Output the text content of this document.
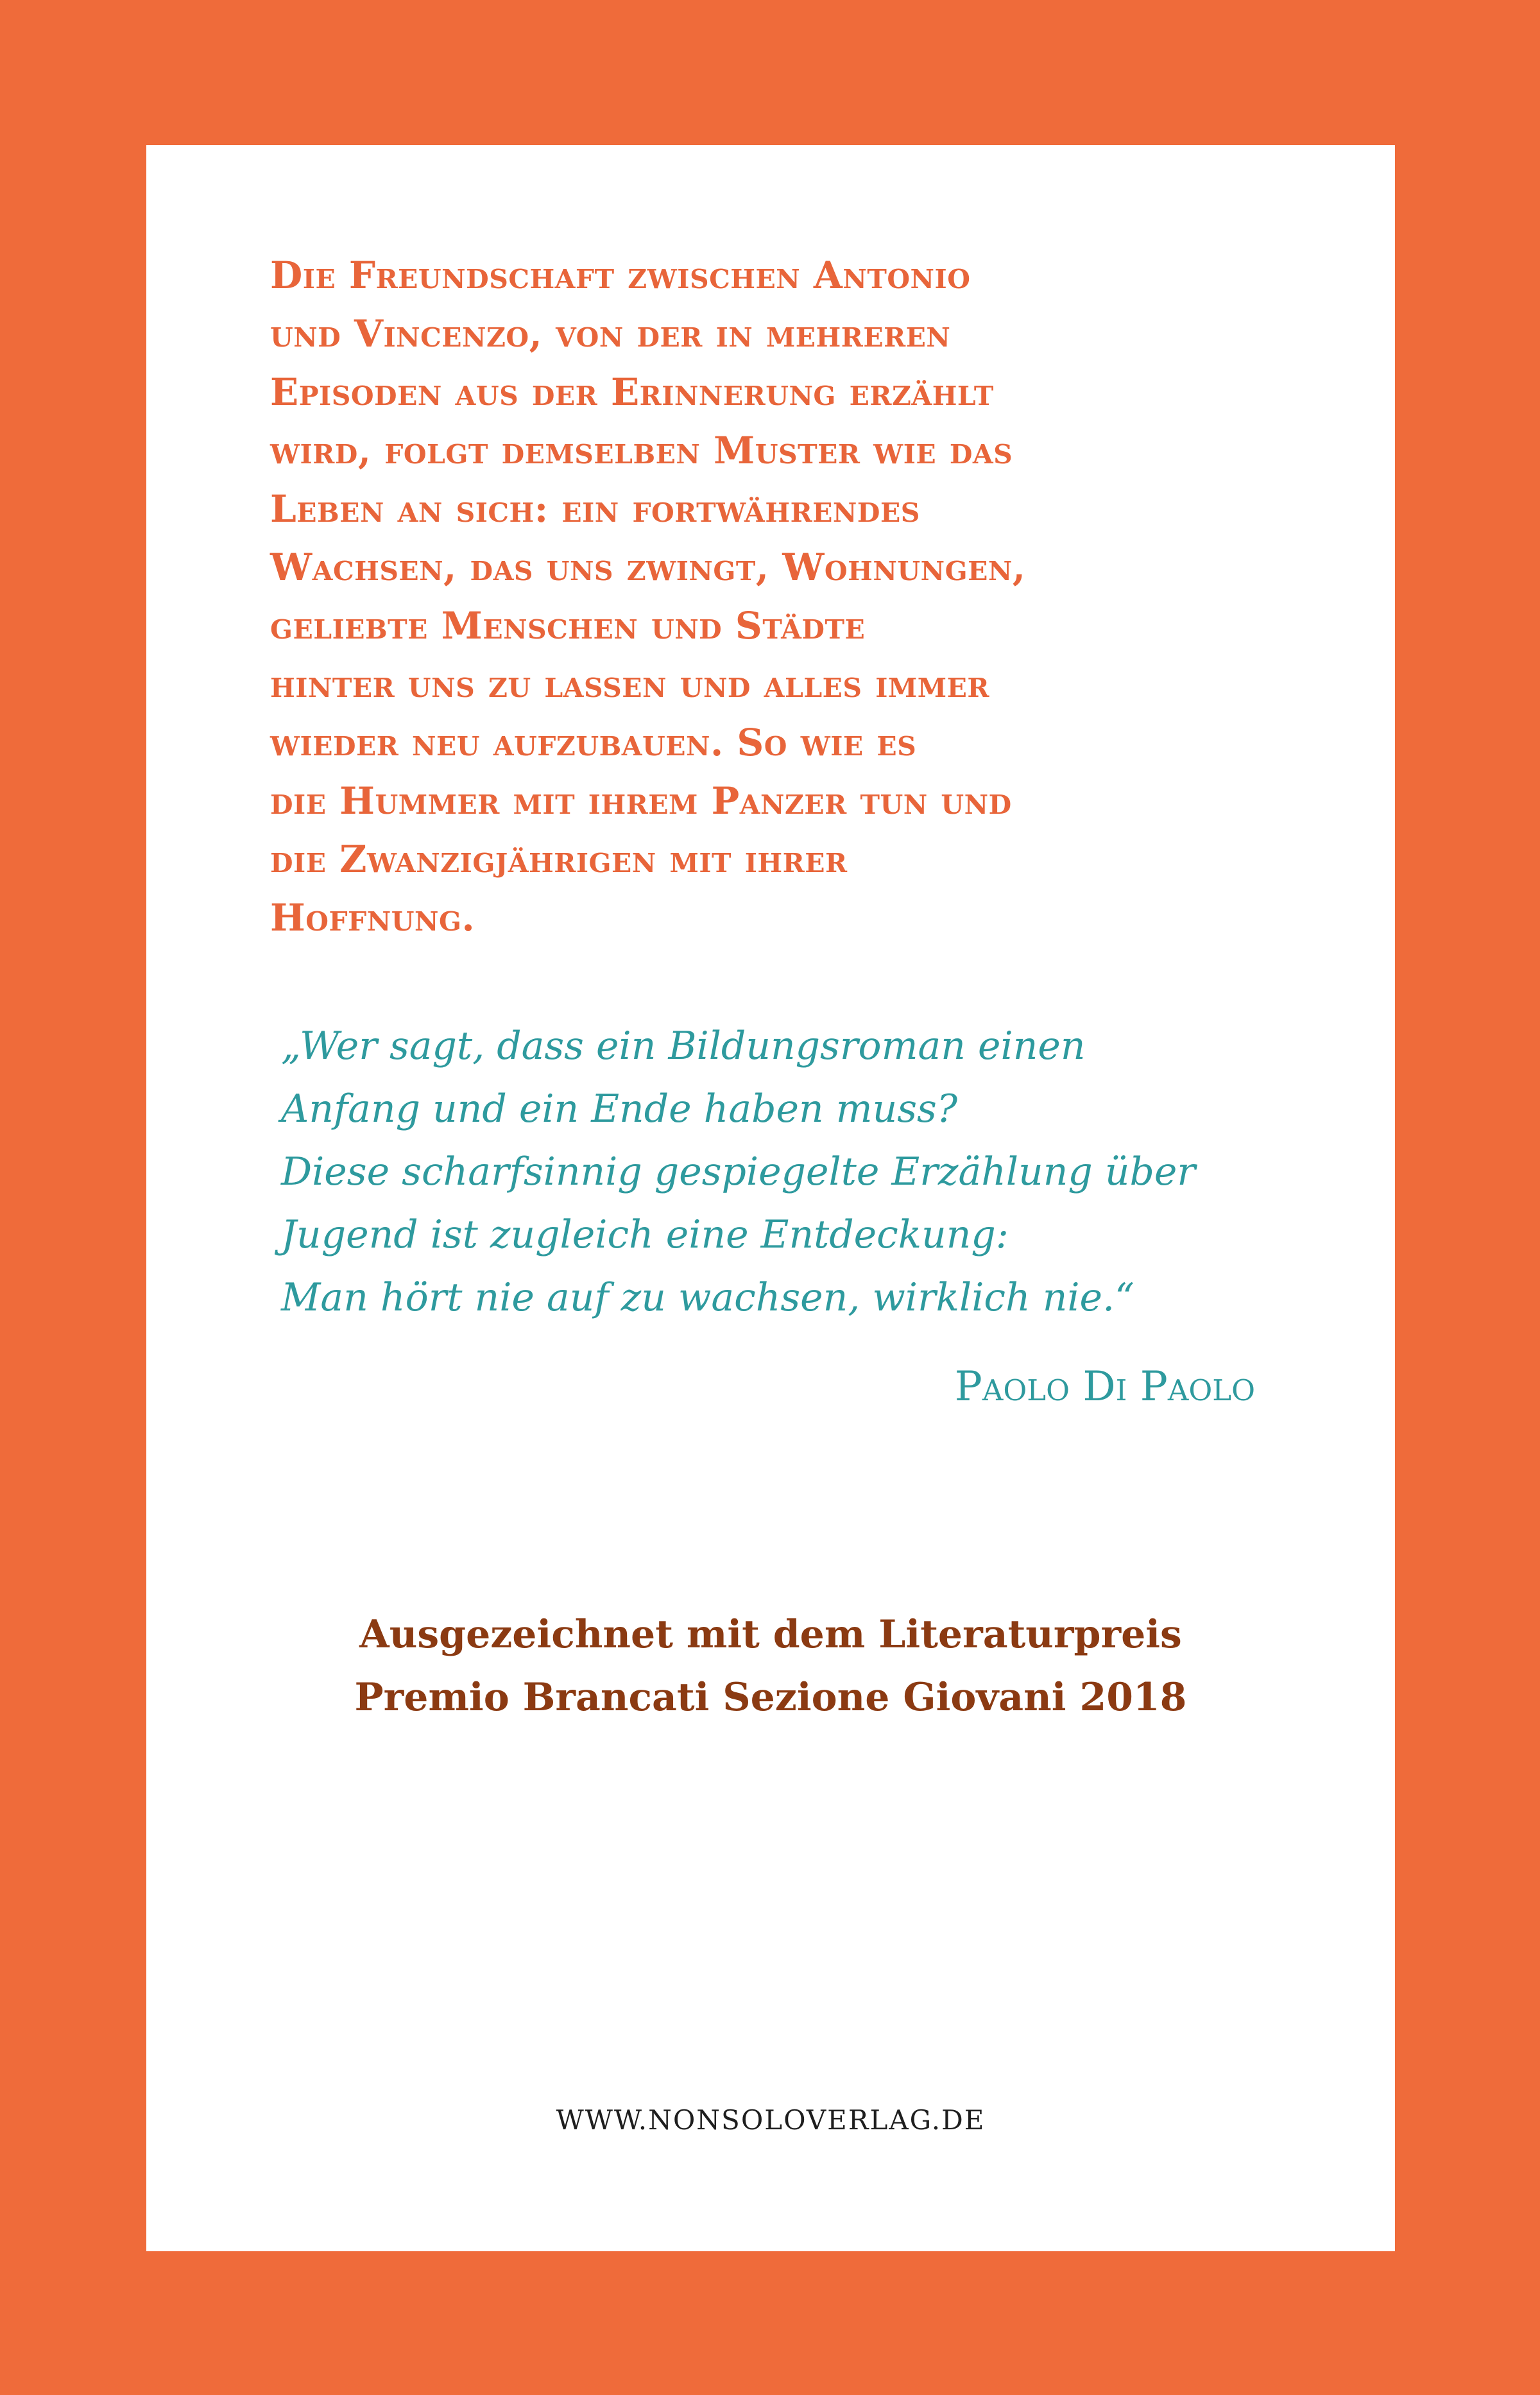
Die Freundschaft zwischen Antonio
und Vincenzo, von der in mehreren
Episoden aus der Erinnerung erzählt
wird, folgt demselben Muster wie das
Leben an sich: ein fortwährendes
Wachsen, das uns zwingt, Wohnungen,
geliebte Menschen und Städte
hinter uns zu lassen und alles immer
wieder neu aufzubauen. So wie es
die Hummer mit ihrem Panzer tun und
die Zwanzigjährigen mit ihrer
Hoffnung.

„Wer sagt, dass ein Bildungsroman einen
Anfang und ein Ende haben muss?
Diese scharfsinnig gespiegelte Erzählung über
Jugend ist zugleich eine Entdeckung:
Man hört nie auf zu wachsen, wirklich nie.“

Paolo Di Paolo

Ausgezeichnet mit dem Literaturpreis
Premio Brancati Sezione Giovani 2018

WWW.NONSOLOVERLAG.DE
